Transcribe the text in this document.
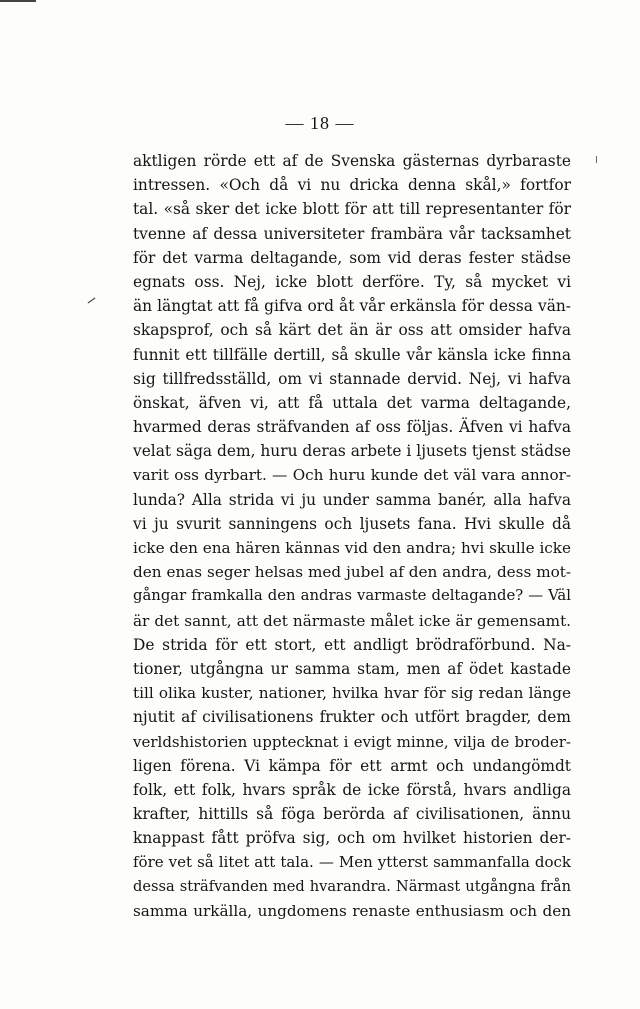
— 18 —
aktligen rörde ett af de Svenska gästernas dyrbaraste
intressen. «Och då vi nu dricka denna skål,» fortfor
tal. «så sker det icke blott för att till representanter för
tvenne af dessa universiteter frambära vår tacksamhet
för det varma deltagande, som vid deras fester städse
egnats oss. Nej, icke blott derföre. Ty, så mycket vi
än längtat att få gifva ord åt vår erkänsla för dessa vän-
skapsprof, och så kärt det än är oss att omsider hafva
funnit ett tillfälle dertill, så skulle vår känsla icke finna
sig tillfredsställd, om vi stannade dervid. Nej, vi hafva
önskat, äfven vi, att få uttala det varma deltagande,
hvarmed deras sträfvanden af oss följas. Äfven vi hafva
velat säga dem, huru deras arbete i ljusets tjenst städse
varit oss dyrbart. — Och huru kunde det väl vara annor-
lunda? Alla strida vi ju under samma banér, alla hafva
vi ju svurit sanningens och ljusets fana. Hvi skulle då
icke den ena hären kännas vid den andra; hvi skulle icke
den enas seger helsas med jubel af den andra, dess mot-
gångar framkalla den andras varmaste deltagande? — Väl
är det sannt, att det närmaste målet icke är gemensamt.
De strida för ett stort, ett andligt brödraförbund. Na-
tioner, utgångna ur samma stam, men af ödet kastade
till olika kuster, nationer, hvilka hvar för sig redan länge
njutit af civilisationens frukter och utfört bragder, dem
verldshistorien upptecknat i evigt minne, vilja de broder-
ligen förena. Vi kämpa för ett armt och undangömdt
folk, ett folk, hvars språk de icke förstå, hvars andliga
krafter, hittills så föga berörda af civilisationen, ännu
knappast fått pröfva sig, och om hvilket historien der-
före vet så litet att tala. — Men ytterst sammanfalla dock
dessa sträfvanden med hvarandra. Närmast utgångna från
samma urkälla, ungdomens renaste enthusiasm och den
